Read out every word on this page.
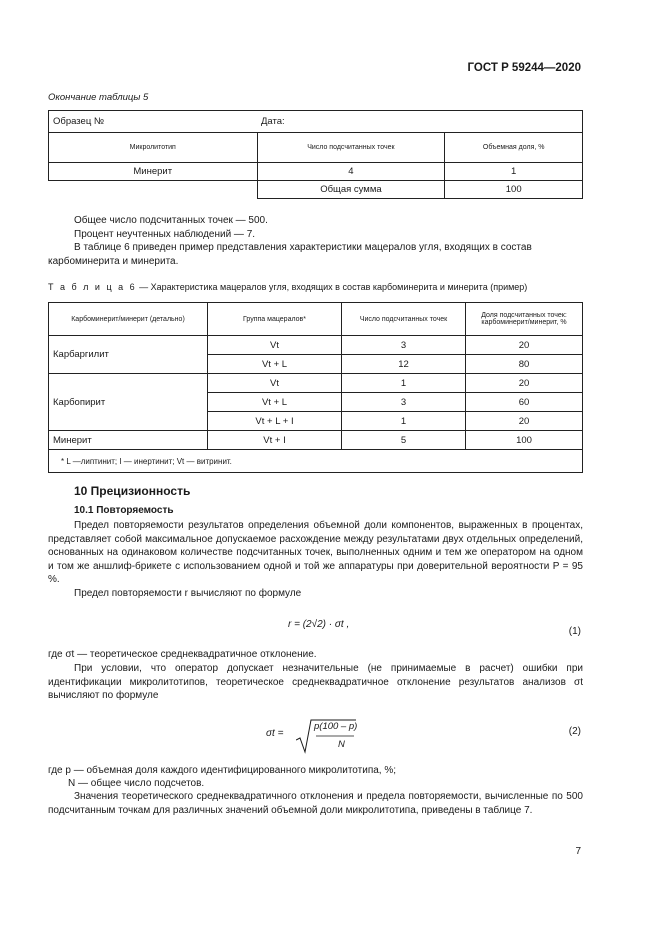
ГОСТ Р 59244—2020
Окончание таблицы 5
Образец №	Дата:	
Микролитотип	Число подсчитанных точек	Объемная доля, %
Минерит	4	1
	Общая сумма	100
Общее число подсчитанных точек — 500.
Процент неучтенных наблюдений — 7.
В таблице 6 приведен пример представления характеристики мацералов угля, входящих в состав карбоминерита и минерита.
Т а б л и ц а 6 — Характеристика мацералов угля, входящих в состав карбоминерита и минерита (пример)
Карбоминерит/минерит (детально)	Группа мацералов*	Число подсчитанных точек	Доля подсчитанных точек: карбоминерит/минерит, %
Карбаргилит	Vt	3	20
	Vt + L	12	80
Карбопирит	Vt	1	20
	Vt + L	3	60
	Vt + L + I	1	20
Минерит	Vt + I	5	100
* L —липтинит; I — инертинит; Vt — витринит.			
10 Прецизионность
10.1 Повторяемость
Предел повторяемости результатов определения объемной доли компонентов, выраженных в процентах, представляет собой максимальное допускаемое расхождение между результатами двух отдельных определений, основанных на одинаковом количестве подсчитанных точек, выполненных одним и тем же оператором на одном и том же аншлиф-брикете с использованием одной и той же аппаратуры при доверительной вероятности P = 95 %.
Предел повторяемости r вычисляют по формуле
r = (2√2) · σt ,
(1)
где σt — теоретическое среднеквадратичное отклонение.
При условии, что оператор допускает незначительные (не принимаемые в расчет) ошибки при идентификации микролитотипов, теоретическое среднеквадратичное отклонение результатов анализов σt вычисляют по формуле
σt =
p(100 – p)
N
(2)
где p — объемная доля каждого идентифицированного микролитотипа, %;
N — общее число подсчетов.
Значения теоретического среднеквадратичного отклонения и предела повторяемости, вычисленные по 500 подсчитанным точкам для различных значений объемной доли микролитотипа, приведены в таблице 7.
7
